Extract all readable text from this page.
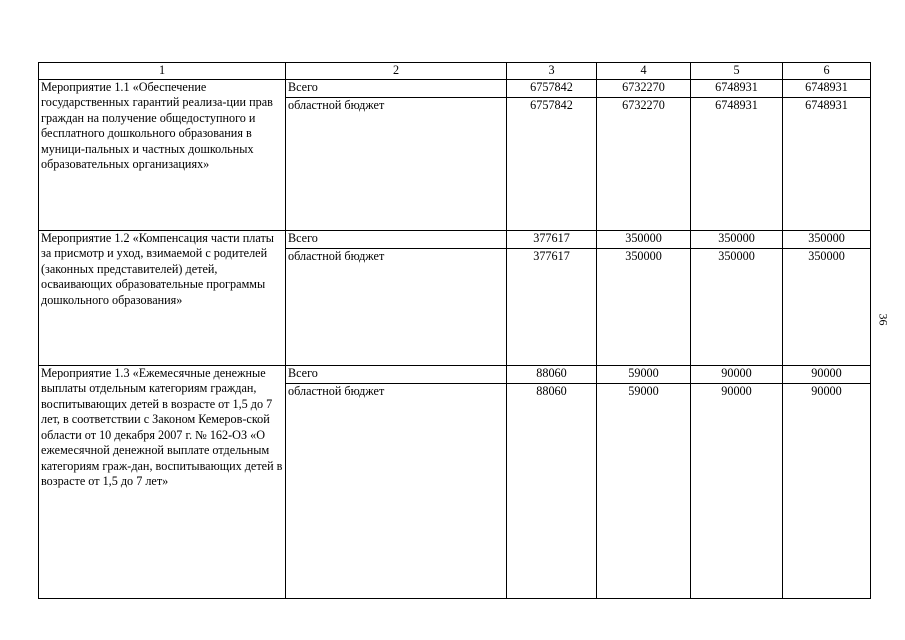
36
1	2	3	4	5	6
Мероприятие 1.1 «Обеспечение государственных гарантий реализа-ции прав граждан на получение общедоступного и бесплатного дошкольного образования в муници-пальных и частных дошкольных образовательных организациях»	Всего	6757842	6732270	6748931	6748931
	областной бюджет	6757842	6732270	6748931	6748931
Мероприятие 1.2 «Компенсация части платы за присмотр и уход, взимаемой с родителей (законных представителей) детей, осваивающих образовательные программы дошкольного образования»	Всего	377617	350000	350000	350000
	областной бюджет	377617	350000	350000	350000
Мероприятие 1.3 «Ежемесячные денежные выплаты отдельным категориям граждан, воспитывающих детей в возрасте от 1,5 до 7 лет, в соответствии с Законом Кемеров-ской области от 10 декабря 2007 г. № 162-ОЗ «О ежемесячной денежной выплате отдельным категориям граж-дан, воспитывающих детей в возрасте от 1,5 до 7 лет»	Всего	88060	59000	90000	90000
	областной бюджет	88060	59000	90000	90000
